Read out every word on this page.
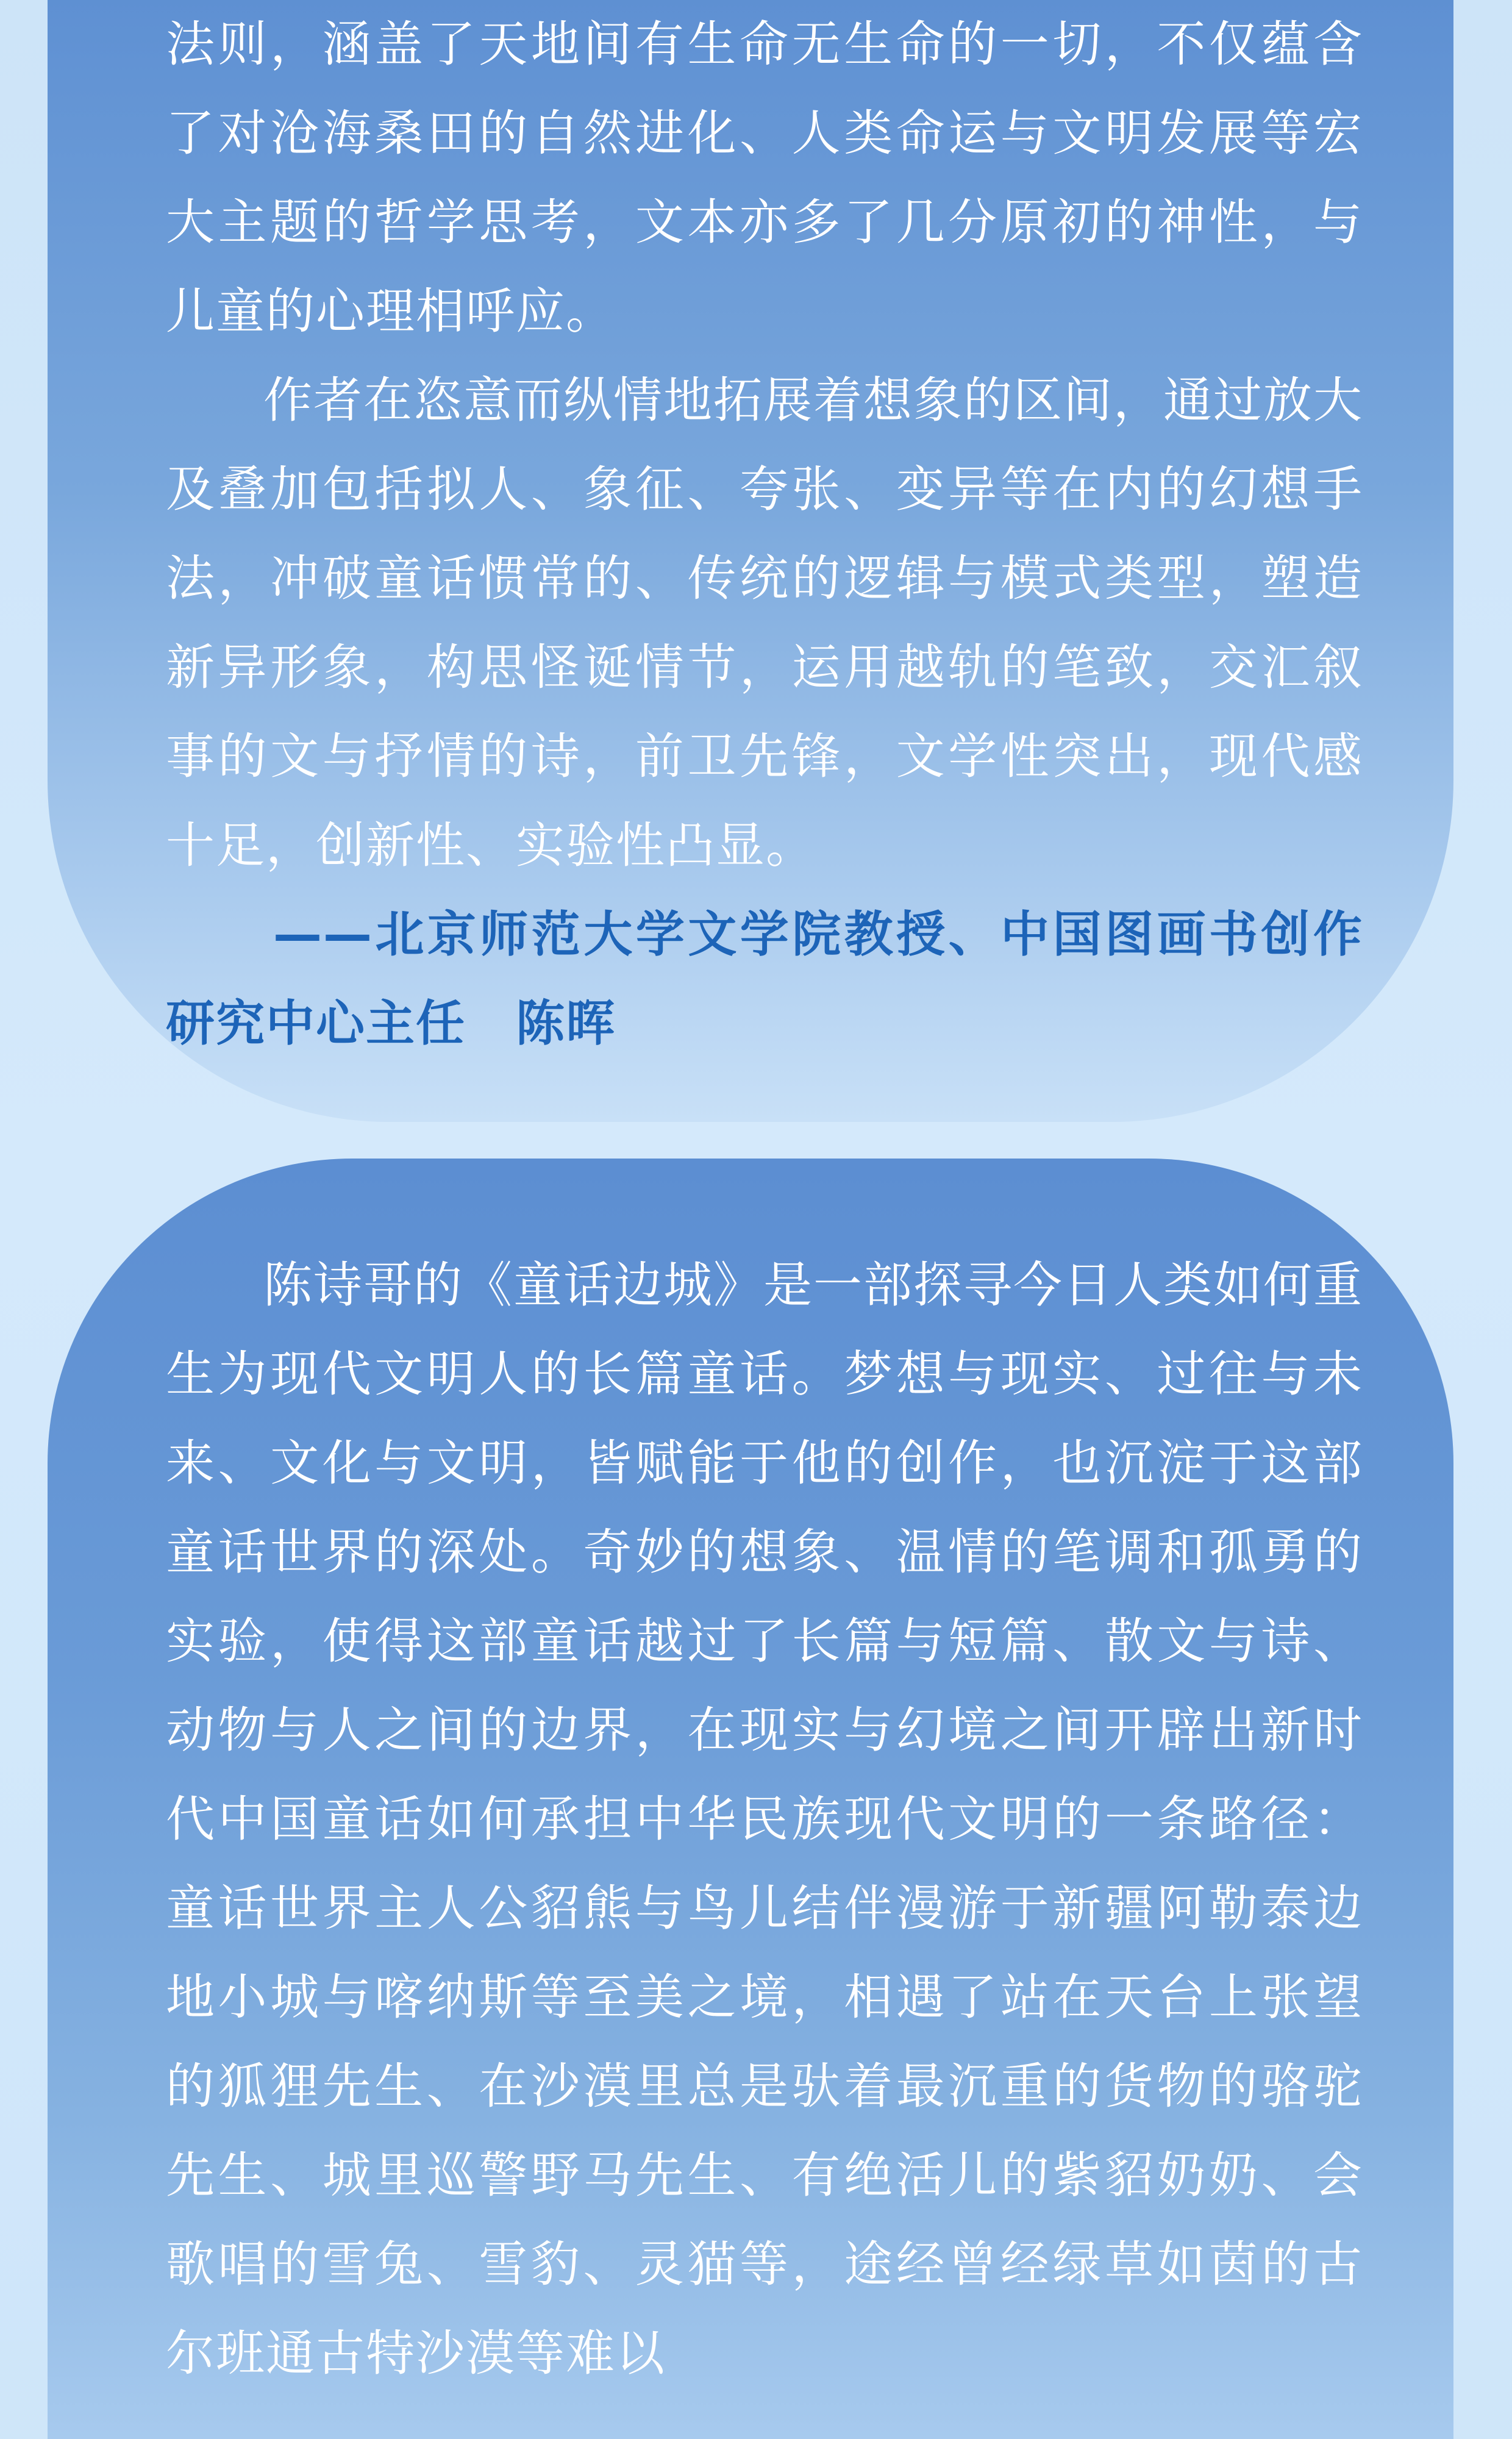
法则，涵盖了天地间有生命无生命的一切，不仅蕴含了对沧海桑田的自然进化、人类命运与文明发展等宏大主题的哲学思考，文本亦多了几分原初的神性，与儿童的心理相呼应。

作者在恣意而纵情地拓展着想象的区间，通过放大及叠加包括拟人、象征、夸张、变异等在内的幻想手法，冲破童话惯常的、传统的逻辑与模式类型，塑造新异形象，构思怪诞情节，运用越轨的笔致，交汇叙事的文与抒情的诗，前卫先锋，文学性突出，现代感十足，创新性、实验性凸显。

——北京师范大学文学院教授、中国图画书创作研究中心主任　陈晖

陈诗哥的《童话边城》是一部探寻今日人类如何重生为现代文明人的长篇童话。梦想与现实、过往与未来、文化与文明，皆赋能于他的创作，也沉淀于这部童话世界的深处。奇妙的想象、温情的笔调和孤勇的实验，使得这部童话越过了长篇与短篇、散文与诗、动物与人之间的边界，在现实与幻境之间开辟出新时代中国童话如何承担中华民族现代文明的一条路径：童话世界主人公貂熊与鸟儿结伴漫游于新疆阿勒泰边地小城与喀纳斯等至美之境，相遇了站在天台上张望的狐狸先生、在沙漠里总是驮着最沉重的货物的骆驼先生、城里巡警野马先生、有绝活儿的紫貂奶奶、会歌唱的雪兔、雪豹、灵猫等，途经曾经绿草如茵的古尔班通古特沙漠等难以
